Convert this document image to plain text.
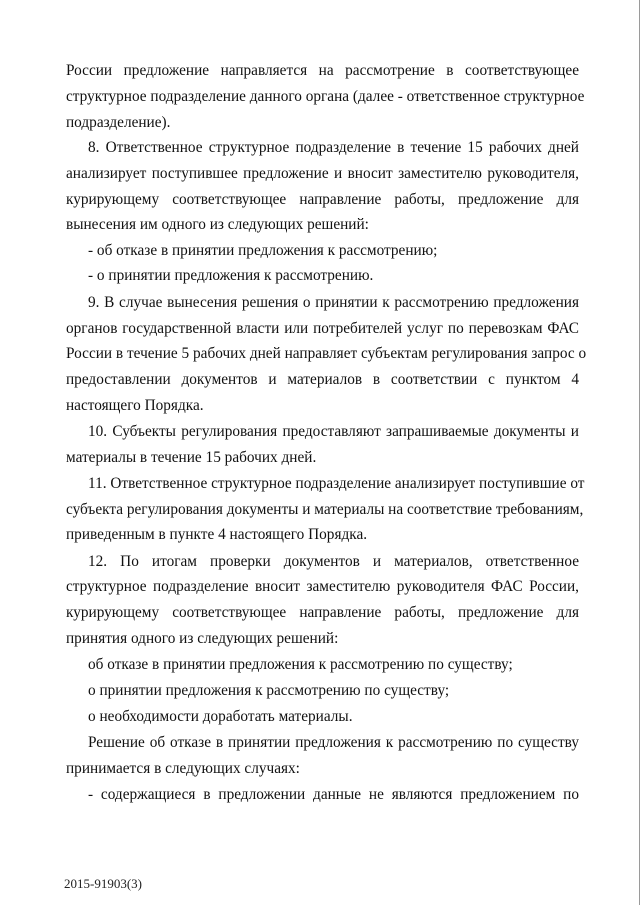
России предложение направляется на рассмотрение в соответствующее
структурное подразделение данного органа (далее - ответственное структурное
подразделение).
8. Ответственное структурное подразделение в течение 15 рабочих дней
анализирует поступившее предложение и вносит заместителю руководителя,
курирующему соответствующее направление работы, предложение для
вынесения им одного из следующих решений:
- об отказе в принятии предложения к рассмотрению;
- о принятии предложения к рассмотрению.
9. В случае вынесения решения о принятии к рассмотрению предложения
органов государственной власти или потребителей услуг по перевозкам ФАС
России в течение 5 рабочих дней направляет субъектам регулирования запрос о
предоставлении документов и материалов в соответствии с пунктом 4
настоящего Порядка.
10. Субъекты регулирования предоставляют запрашиваемые документы и
материалы в течение 15 рабочих дней.
11. Ответственное структурное подразделение анализирует поступившие от
субъекта регулирования документы и материалы на соответствие требованиям,
приведенным в пункте 4 настоящего Порядка.
12. По итогам проверки документов и материалов, ответственное
структурное подразделение вносит заместителю руководителя ФАС России,
курирующему соответствующее направление работы, предложение для
принятия одного из следующих решений:
об отказе в принятии предложения к рассмотрению по существу;
о принятии предложения к рассмотрению по существу;
о необходимости доработать материалы.
Решение об отказе в принятии предложения к рассмотрению по существу
принимается в следующих случаях:
- содержащиеся в предложении данные не являются предложением по
2015-91903(3)
